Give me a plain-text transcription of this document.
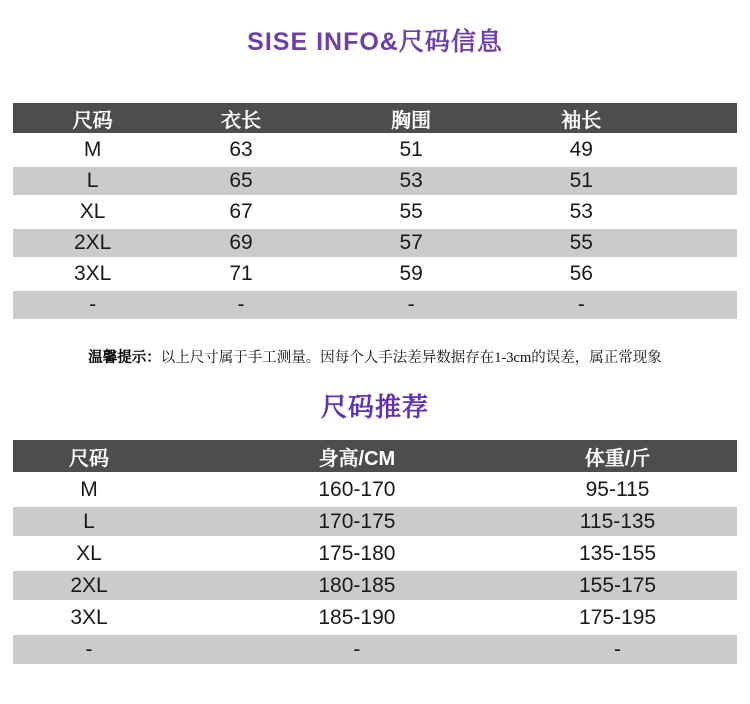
SISE INFO&尺码信息
尺码	衣长	胸围	袖长	
M	63	51	49	
L	65	53	51	
XL	67	55	53	
2XL	69	57	55	
3XL	71	59	56	
-	-	-	-	
温馨提示：以上尺寸属于手工测量。因每个人手法差异数据存在1-3cm的误差，属正常现象
尺码推荐
尺码	身高/CM	体重/斤	
M	160-170	95-115	
L	170-175	115-135	
XL	175-180	135-155	
2XL	180-185	155-175	
3XL	185-190	175-195	
-	-	-	
